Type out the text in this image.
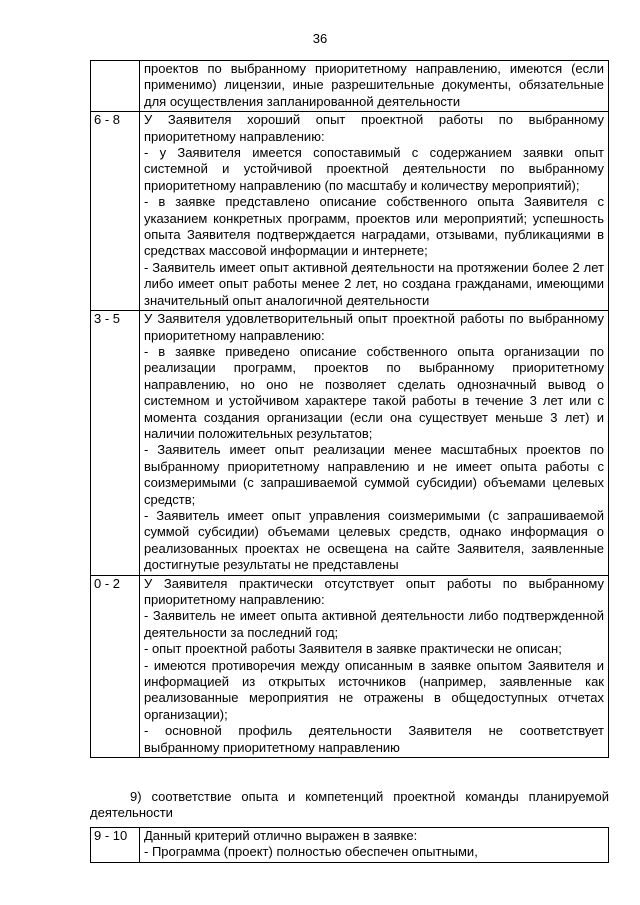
36

	проектов по выбранному приоритетному направлению, имеются (если применимо) лицензии, иные разрешительные документы, обязательные для осуществления запланированной деятельности

6 - 8	У Заявителя хороший опыт проектной работы по выбранному приоритетному направлению:
- у Заявителя имеется сопоставимый с содержанием заявки опыт системной и устойчивой проектной деятельности по выбранному приоритетному направлению (по масштабу и количеству мероприятий);
- в заявке представлено описание собственного опыта Заявителя с указанием конкретных программ, проектов или мероприятий; успешность опыта Заявителя подтверждается наградами, отзывами, публикациями в средствах массовой информации и интернете;
- Заявитель имеет опыт активной деятельности на протяжении более 2 лет либо имеет опыт работы менее 2 лет, но создана гражданами, имеющими значительный опыт аналогичной деятельности

3 - 5	У Заявителя удовлетворительный опыт проектной работы по выбранному приоритетному направлению:
- в заявке приведено описание собственного опыта организации по реализации программ, проектов по выбранному приоритетному направлению, но оно не позволяет сделать однозначный вывод о системном и устойчивом характере такой работы в течение 3 лет или с момента создания организации (если она существует меньше 3 лет) и наличии положительных результатов;
- Заявитель имеет опыт реализации менее масштабных проектов по выбранному приоритетному направлению и не имеет опыта работы с соизмеримыми (с запрашиваемой суммой субсидии) объемами целевых средств;
- Заявитель имеет опыт управления соизмеримыми (с запрашиваемой суммой субсидии) объемами целевых средств, однако информация о реализованных проектах не освещена на сайте Заявителя, заявленные достигнутые результаты не представлены

0 - 2	У Заявителя практически отсутствует опыт работы по выбранному приоритетному направлению:
- Заявитель не имеет опыта активной деятельности либо подтвержденной деятельности за последний год;
- опыт проектной работы Заявителя в заявке практически не описан;
- имеются противоречия между описанным в заявке опытом Заявителя и информацией из открытых источников (например, заявленные как реализованные мероприятия не отражены в общедоступных отчетах организации);
- основной профиль деятельности Заявителя не соответствует выбранному приоритетному направлению
9) соответствие опыта и компетенций проектной команды планируемой деятельности
9 - 10	Данный критерий отлично выражен в заявке:
- Программа (проект) полностью обеспечен опытными,
